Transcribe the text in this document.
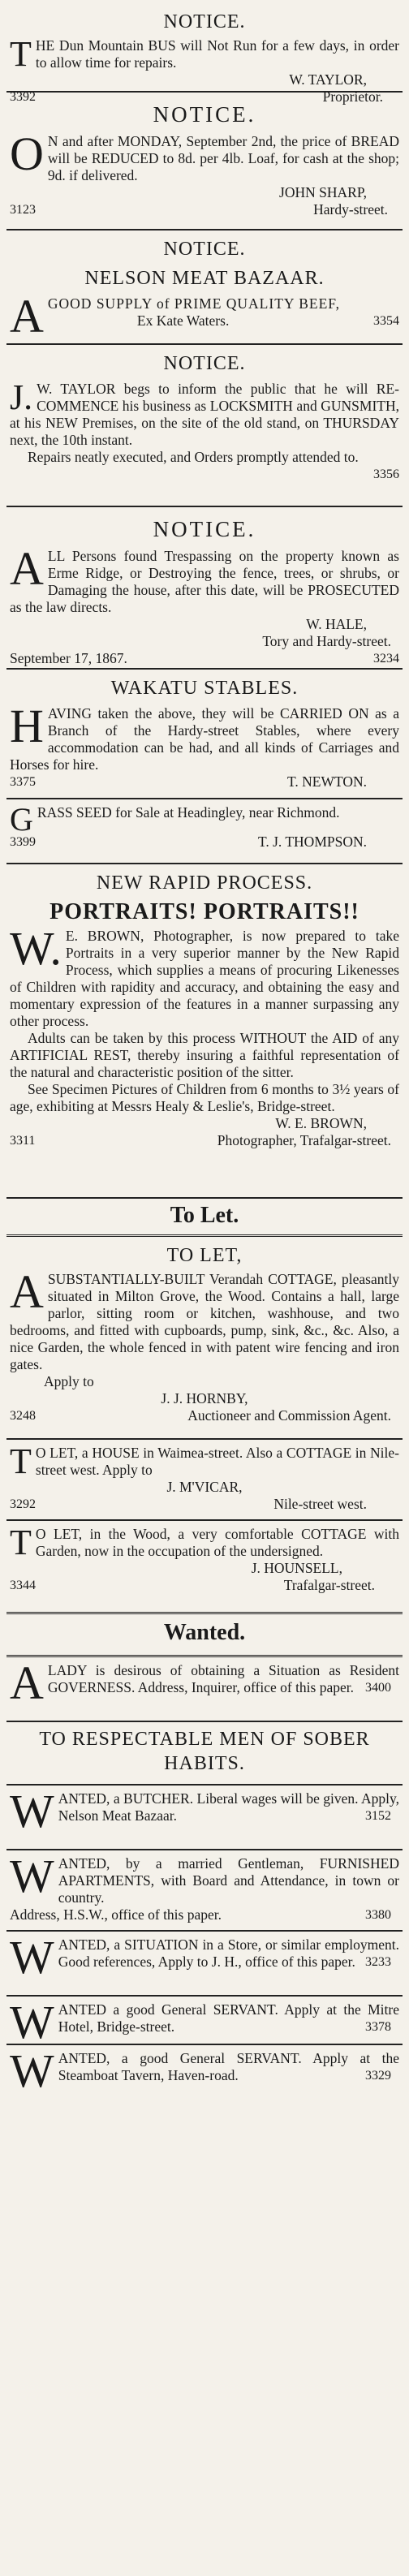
NOTICE.
T HE Dun Mountain BUS will Not Run for a few days, in order to allow time for repairs.
W. TAYLOR,
3392	Proprietor.
NOTICE.
O N and after MONDAY, September 2nd, the price of BREAD will be REDUCED to 8d. per 4lb. Loaf, for cash at the shop; 9d. if delivered.
JOHN SHARP,
3123	Hardy-street.
NOTICE.
NELSON MEAT BAZAAR.
A GOOD SUPPLY of PRIME QUALITY BEEF,
Ex Kate Waters.	3354
NOTICE.
J. W. TAYLOR begs to inform the public that he will RE-COMMENCE his business as LOCKSMITH and GUNSMITH, at his NEW Premises, on the site of the old stand, on THURSDAY next, the 10th instant.
Repairs neatly executed, and Orders promptly attended to.
3356
NOTICE.
A LL Persons found Trespassing on the property known as Erme Ridge, or Destroying the fence, trees, or shrubs, or Damaging the house, after this date, will be PROSECUTED as the law directs.
W. HALE,
Tory and Hardy-street.
September 17, 1867.	3234
WAKATU STABLES.
H AVING taken the above, they will be CARRIED ON as a Branch of the Hardy-street Stables, where every accommodation can be had, and all kinds of Carriages and Horses for hire.
3375	T. NEWTON.
G RASS SEED for Sale at Headingley, near Richmond.
3399	T. J. THOMPSON.
NEW RAPID PROCESS.
PORTRAITS! PORTRAITS!!
W. E. BROWN, Photographer, is now prepared to take Portraits in a very superior manner by the New Rapid Process, which supplies a means of procuring Likenesses of Children with rapidity and accuracy, and obtaining the easy and momentary expression of the features in a manner surpassing any other process.
Adults can be taken by this process WITHOUT the AID of any ARTIFICIAL REST, thereby insuring a faithful representation of the natural and characteristic position of the sitter.
See Specimen Pictures of Children from 6 months to 3½ years of age, exhibiting at Messrs Healy & Leslie's, Bridge-street.
W. E. BROWN,
3311	Photographer, Trafalgar-street.
To Let.
TO LET,
A SUBSTANTIALLY-BUILT Verandah COTTAGE, pleasantly situated in Milton Grove, the Wood. Contains a hall, large parlor, sitting room or kitchen, washhouse, and two bedrooms, and fitted with cupboards, pump, sink, &c., &c. Also, a nice Garden, the whole fenced in with patent wire fencing and iron gates.
Apply to
J. J. HORNBY,
3248	Auctioneer and Commission Agent.
T O LET, a HOUSE in Waimea-street. Also a COTTAGE in Nile-street west. Apply to
J. M'VICAR,
3292	Nile-street west.
T O LET, in the Wood, a very comfortable COTTAGE with Garden, now in the occupation of the undersigned.
J. HOUNSELL,
3344	Trafalgar-street.
Wanted.
A LADY is desirous of obtaining a Situation as Resident GOVERNESS. Address, Inquirer, office of this paper. 3400
TO RESPECTABLE MEN OF SOBER HABITS.
W ANTED, a BUTCHER. Liberal wages will be given. Apply, Nelson Meat Bazaar.	3152
W ANTED, by a married Gentleman, FURNISHED APARTMENTS, with Board and Attendance, in town or country.
Address, H.S.W., office of this paper.	3380
W ANTED, a SITUATION in a Store, or similar employment. Good references, Apply to J. H., office of this paper. 3233
W ANTED a good General SERVANT. Apply at the Mitre Hotel, Bridge-street.	3378
W ANTED, a good General SERVANT. Apply at the Steamboat Tavern, Haven-road.	3329
